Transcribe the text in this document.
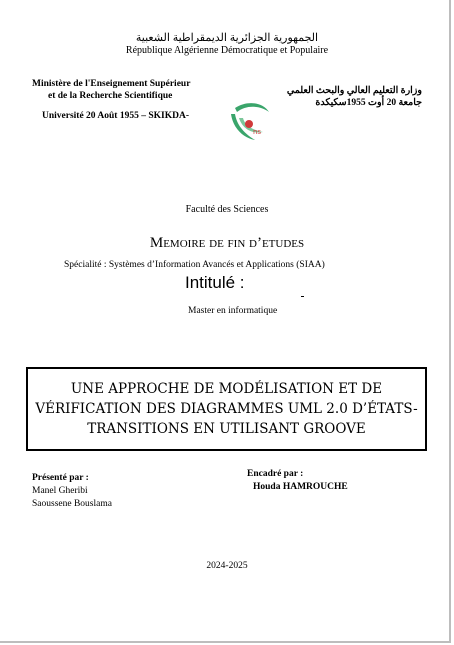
الجمهورية الجزائرية الديمقراطية الشعبية
République Algérienne Démocratique et Populaire
Ministère de l'Enseignement Supérieur
et de la Recherche Scientifique
Université 20 Août 1955 – SKIKDA-
وزارة التعليم العالي والبحث العلمي
جامعة 20 أوت 1955سكيكدة
ns
Faculté des Sciences
Memoire de fin d’etudes
Spécialité : Systèmes d’Information Avancés et Applications (SIAA)
Intitulé :
Master en informatique
UNE APPROCHE DE MODÉLISATION ET DE VÉRIFICATION DES DIAGRAMMES UML 2.0 D’ÉTATS-TRANSITIONS EN UTILISANT GROOVE
Présenté par :
Manel Gheribi
Saoussene Bouslama
Encadré par :
Houda HAMROUCHE
2024-2025
